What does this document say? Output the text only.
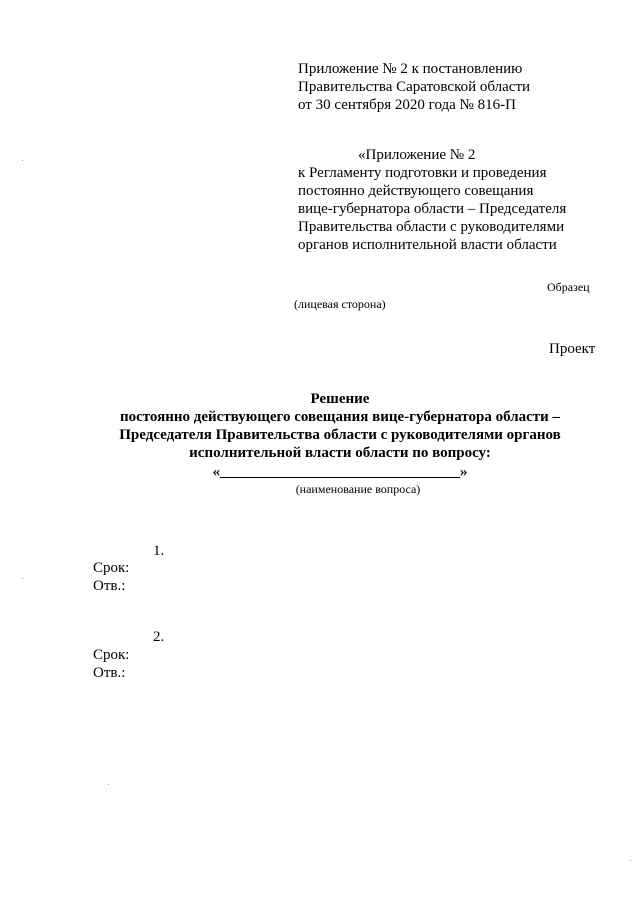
Приложение № 2 к постановлению
Правительства Саратовской области
от 30 сентября 2020 года № 816-П
«Приложение № 2
к Регламенту подготовки и проведения
постоянно действующего совещания
вице-губернатора области – Председателя
Правительства области с руководителями
органов исполнительной власти области
Образец
(лицевая сторона)
Проект
Решение
постоянно действующего совещания вице-губернатора области –
Председателя Правительства области с руководителями органов
исполнительной власти области по вопросу:
«________________________________»
(наименование вопроса)
1.
Срок:
Отв.:
2.
Срок:
Отв.:
